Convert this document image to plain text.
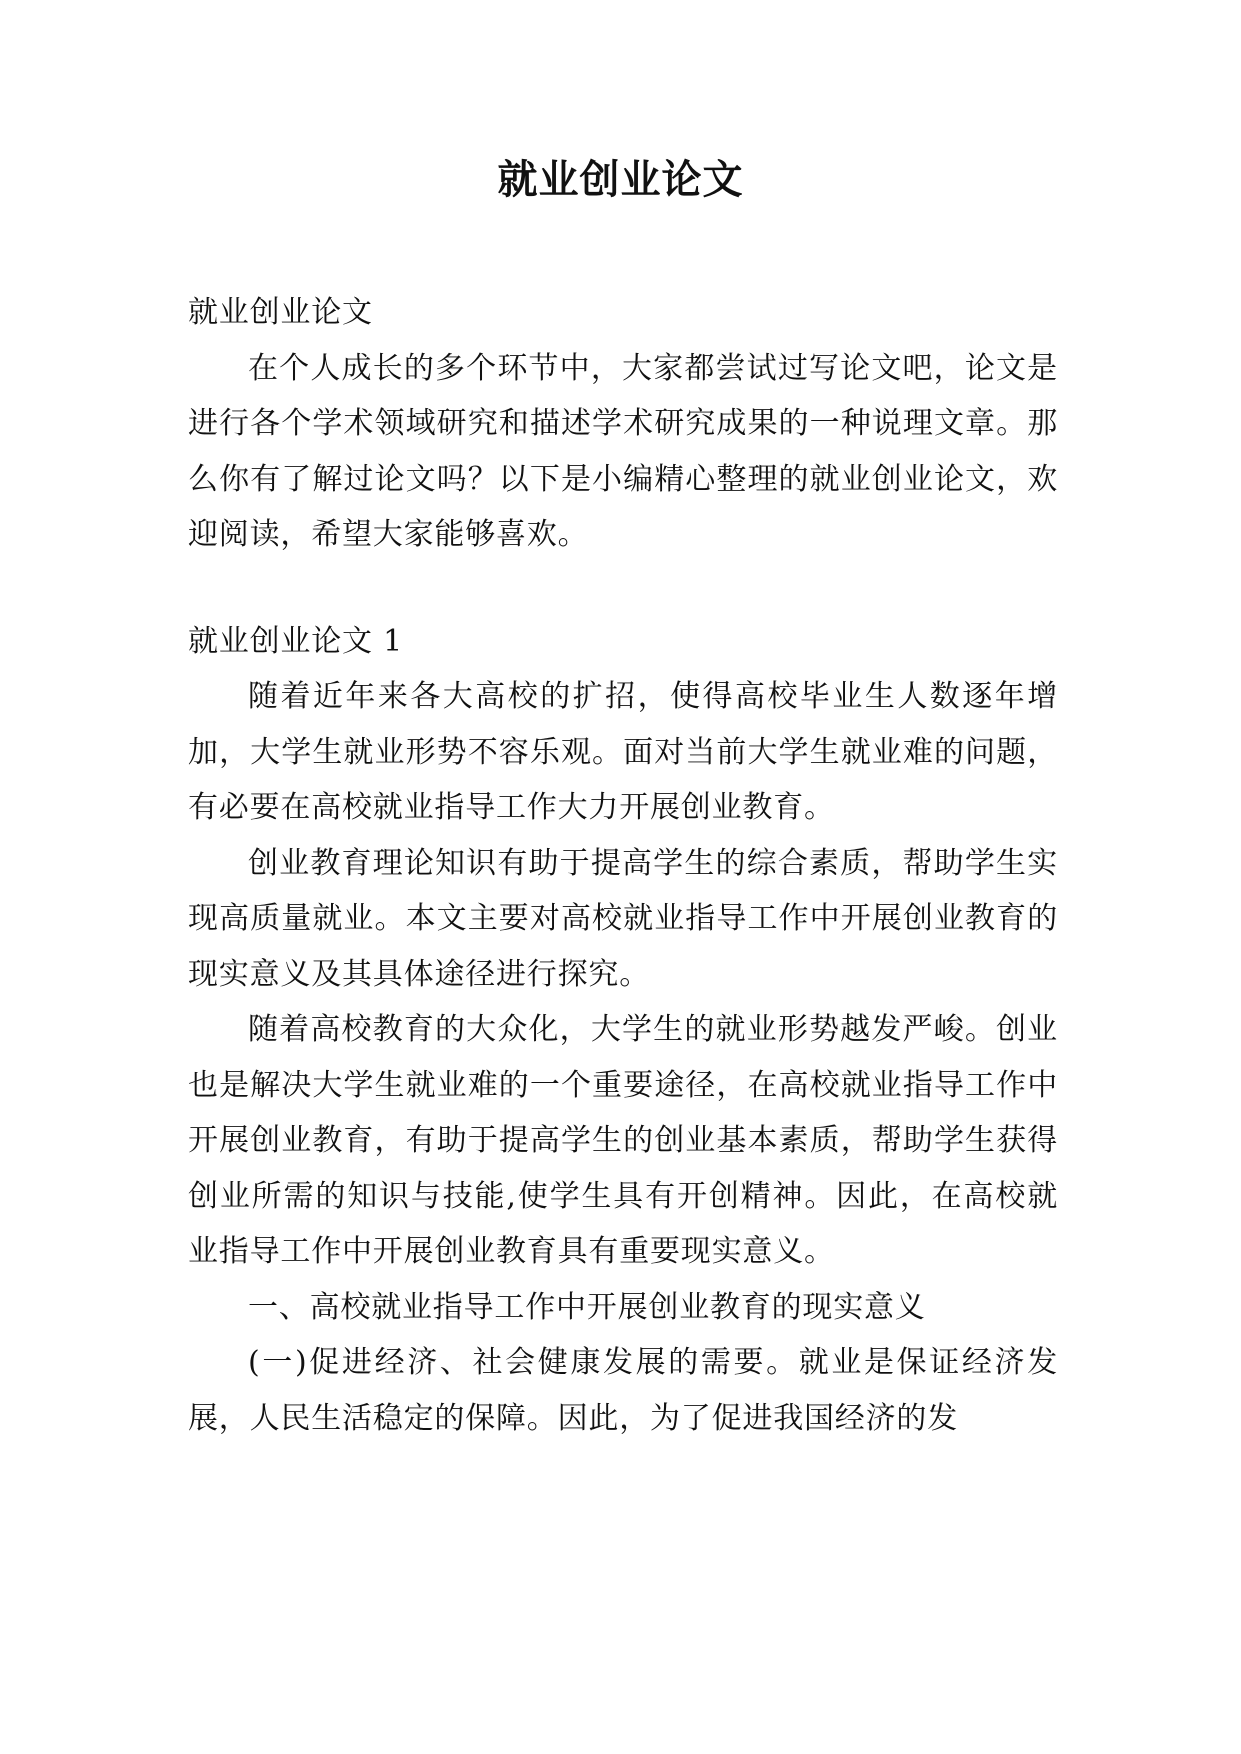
就业创业论文

就业创业论文

在个人成长的多个环节中，大家都尝试过写论文吧，论文是进行各个学术领域研究和描述学术研究成果的一种说理文章。那么你有了解过论文吗？以下是小编精心整理的就业创业论文，欢迎阅读，希望大家能够喜欢。

就业创业论文 1

随着近年来各大高校的扩招，使得高校毕业生人数逐年增加，大学生就业形势不容乐观。面对当前大学生就业难的问题，有必要在高校就业指导工作大力开展创业教育。

创业教育理论知识有助于提高学生的综合素质，帮助学生实现高质量就业。本文主要对高校就业指导工作中开展创业教育的现实意义及其具体途径进行探究。

随着高校教育的大众化，大学生的就业形势越发严峻。创业也是解决大学生就业难的一个重要途径，在高校就业指导工作中开展创业教育，有助于提高学生的创业基本素质，帮助学生获得创业所需的知识与技能,使学生具有开创精神。因此，在高校就业指导工作中开展创业教育具有重要现实意义。

一、高校就业指导工作中开展创业教育的现实意义

(一)促进经济、社会健康发展的需要。就业是保证经济发展，人民生活稳定的保障。因此，为了促进我国经济的发
